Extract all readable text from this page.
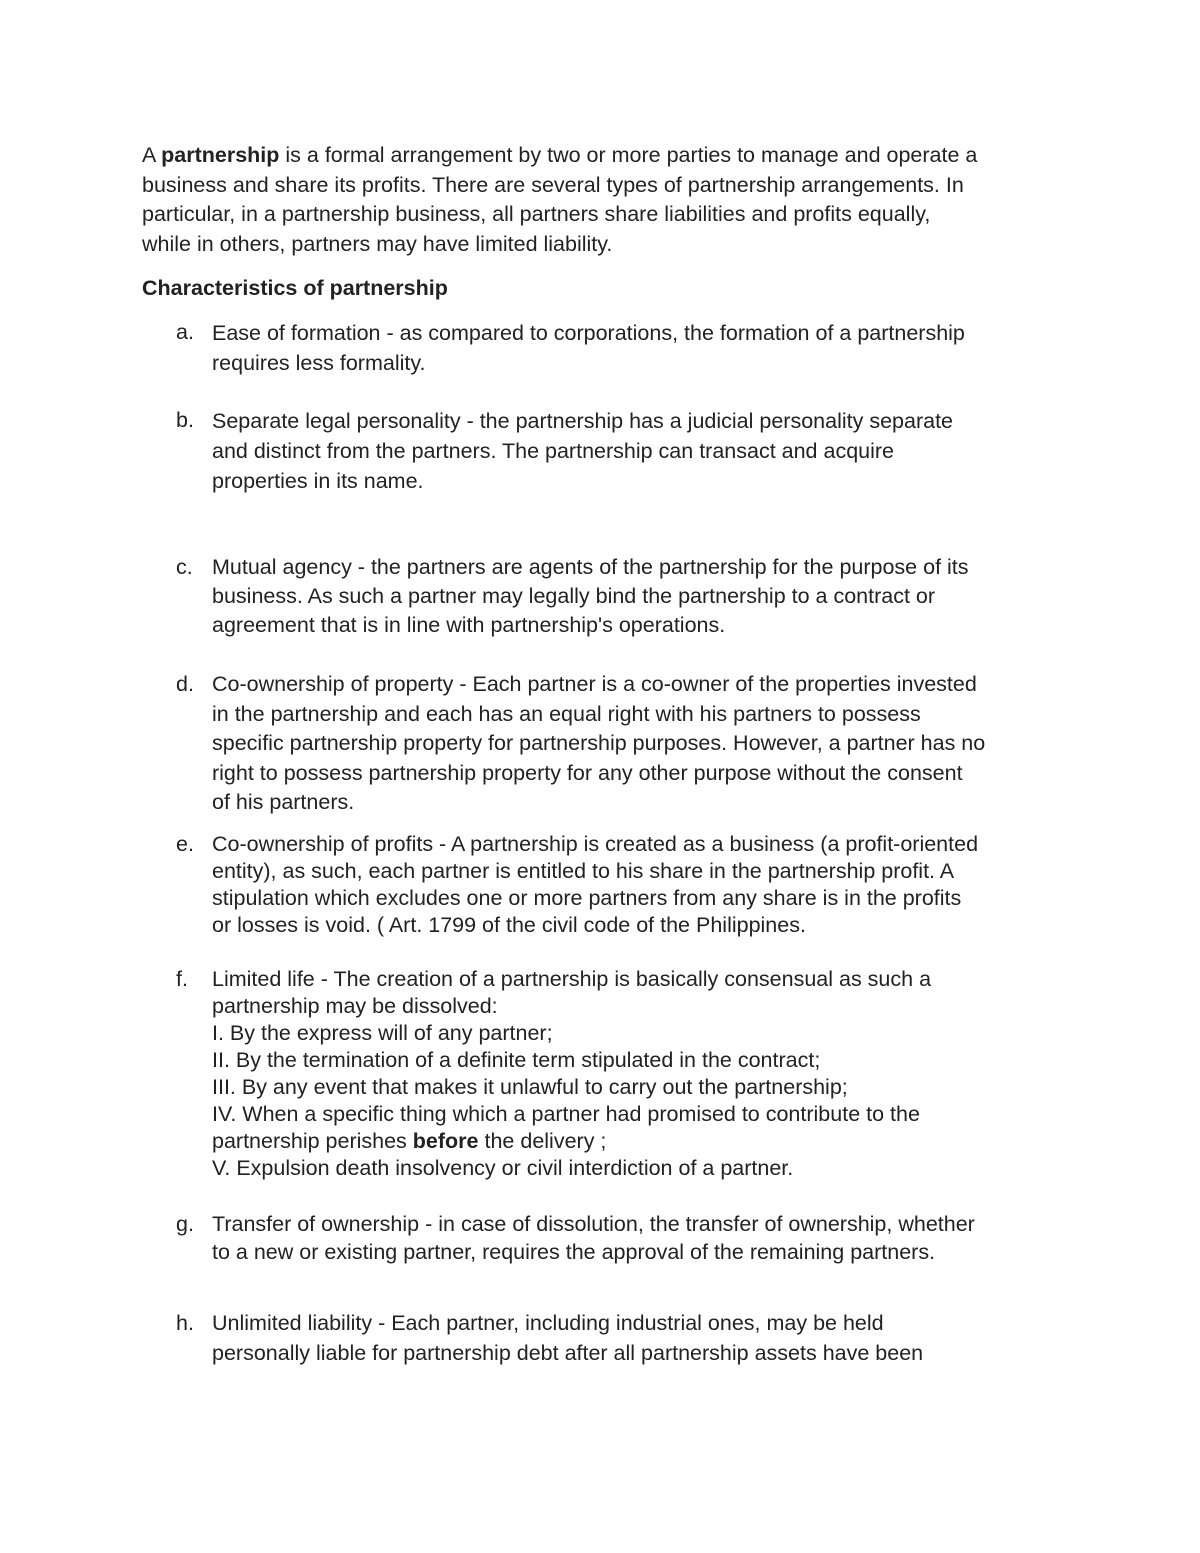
A partnership is a formal arrangement by two or more parties to manage and operate a
business and share its profits. There are several types of partnership arrangements. In
particular, in a partnership business, all partners share liabilities and profits equally,
while in others, partners may have limited liability.
Characteristics of partnership
a. Ease of formation - as compared to corporations, the formation of a partnership
requires less formality.
b. Separate legal personality - the partnership has a judicial personality separate
and distinct from the partners. The partnership can transact and acquire
properties in its name.
c. Mutual agency - the partners are agents of the partnership for the purpose of its
business. As such a partner may legally bind the partnership to a contract or
agreement that is in line with partnership's operations.
d. Co-ownership of property - Each partner is a co-owner of the properties invested
in the partnership and each has an equal right with his partners to possess
specific partnership property for partnership purposes. However, a partner has no
right to possess partnership property for any other purpose without the consent
of his partners.
e. Co-ownership of profits - A partnership is created as a business (a profit-oriented
entity), as such, each partner is entitled to his share in the partnership profit. A
stipulation which excludes one or more partners from any share is in the profits
or losses is void. ( Art. 1799 of the civil code of the Philippines.
f. Limited life - The creation of a partnership is basically consensual as such a
partnership may be dissolved:
I. By the express will of any partner;
II. By the termination of a definite term stipulated in the contract;
III. By any event that makes it unlawful to carry out the partnership;
IV. When a specific thing which a partner had promised to contribute to the
partnership perishes before the delivery ;
V. Expulsion death insolvency or civil interdiction of a partner.
g. Transfer of ownership - in case of dissolution, the transfer of ownership, whether
to a new or existing partner, requires the approval of the remaining partners.
h. Unlimited liability - Each partner, including industrial ones, may be held
personally liable for partnership debt after all partnership assets have been
